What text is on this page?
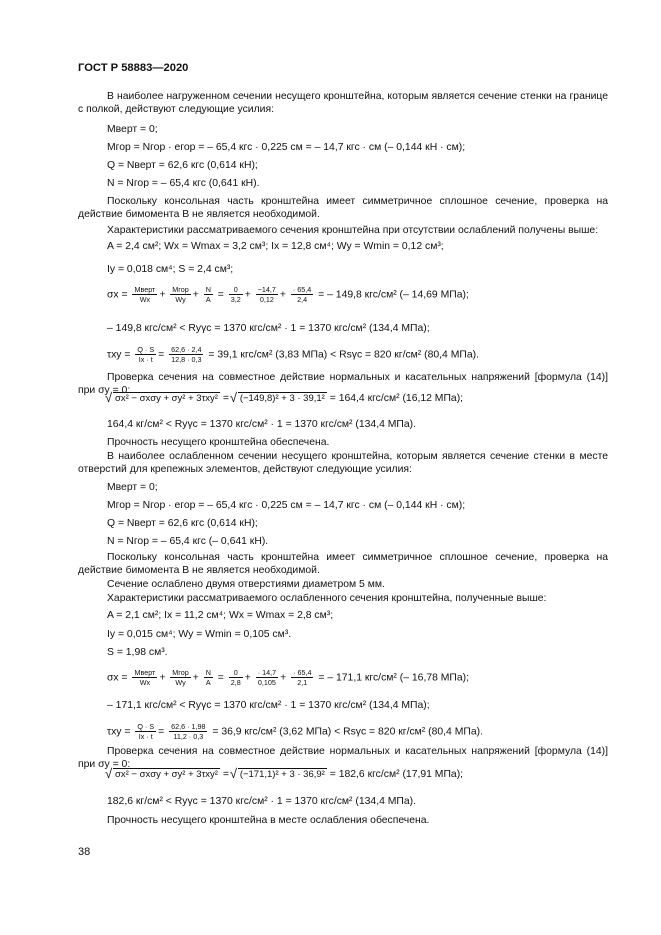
ГОСТ Р 58883—2020
В наиболее нагруженном сечении несущего кронштейна, которым является сечение стенки на границе с полкой, действуют следующие усилия:
Mверт = 0;
Mгор = Nгор · eгор = – 65,4 кгс · 0,225 см = – 14,7 кгс · см (– 0,144 кН · см);
Q = Nверт = 62,6 кгс (0,614 кН);
N = Nгор = – 65,4 кгс (0,641 кН).
Поскольку консольная часть кронштейна имеет симметричное сплошное сечение, проверка на действие бимомента B не является необходимой.
Характеристики рассматриваемого сечения кронштейна при отсутствии ослаблений получены выше:
A = 2,4 см²; Wx = Wmax = 3,2 см³; Ix = 12,8 см⁴; Wy = Wmin = 0,12 см³;
Iy = 0,018 см⁴; S = 2,4 см³;
$\sigma x = \frac{\text{Mверт}}{Wx} + \frac{\text{Mгор}}{Wy} + \frac{N}{A} = \frac{0}{3,2} + \frac{-14,7}{0,12} + \frac{\cdot 65,4}{2,4}$ = – 149,8 кгс/см² (– 14,69 МПа);
– 149,8 кгс/см² < Ryγc = 1370 кгс/см² · 1 = 1370 кгс/см² (134,4 МПа);
$\tau xy = \frac{Q \cdot S}{Ix \cdot t} = \frac{62,6 \cdot 2,4}{12,8 \cdot 0,3} = 39,1$ кгс/см² (3,83 МПа) < Rsγc = 820 кг/см² (80,4 МПа).
Проверка сечения на совместное действие нормальных и касательных напряжений [формула (14)] при σy = 0:
√ σx² − σxσy + σy² + 3τxy² = √ (−149,8)² + 3 · 39,1² = 164,4 кгс/см² (16,12 МПа);
164,4 кг/см² < Ryγc = 1370 кгс/см² · 1 = 1370 кгс/см² (134,4 МПа).
Прочность несущего кронштейна обеспечена.
В наиболее ослабленном сечении несущего кронштейна, которым является сечение стенки в месте отверстий для крепежных элементов, действуют следующие усилия:
Mверт = 0;
Mгор = Nгор · eгор = – 65,4 кгс · 0,225 см = – 14,7 кгс · см (– 0,144 кН · см);
Q = Nверт = 62,6 кгс (0,614 кН);
N = Nгор = – 65,4 кгс (– 0,641 кН).
Поскольку консольная часть кронштейна имеет симметричное сплошное сечение, проверка на действие бимомента B не является необходимой.
Сечение ослаблено двумя отверстиями диаметром 5 мм.
Характеристики рассматриваемого ослабленного сечения кронштейна, полученные выше:
A = 2,1 см²; Ix = 11,2 см⁴; Wx = Wmax = 2,8 см³;
Iy = 0,015 см⁴; Wy = Wmin = 0,105 см³.
S = 1,98 см³.
$\sigma x = \frac{\text{Mверт}}{Wx} + \frac{\text{Mгор}}{Wy} + \frac{N}{A} = \frac{0}{2,8} + \frac{\cdot 14,7}{0,105} + \frac{\cdot 65,4}{2,1}$ = – 171,1 кгс/см² (– 16,78 МПа);
– 171,1 кгс/см² < Ryγc = 1370 кгс/см² · 1 = 1370 кгс/см² (134,4 МПа);
$\tau xy = \frac{Q \cdot S}{Ix \cdot t} = \frac{62,6 \cdot 1,98}{11,2 \cdot 0,3} = 36,9$ кгс/см² (3,62 МПа) < Rsγc = 820 кг/см² (80,4 МПа).
Проверка сечения на совместное действие нормальных и касательных напряжений [формула (14)] при σy = 0:
√ σx² − σxσy + σy² + 3τxy² = √ (−171,1)² + 3 · 36,9² = 182,6 кгс/см² (17,91 МПа);
182,6 кг/см² < Ryγc = 1370 кгс/см² · 1 = 1370 кгс/см² (134,4 МПа).
Прочность несущего кронштейна в месте ослабления обеспечена.
38
